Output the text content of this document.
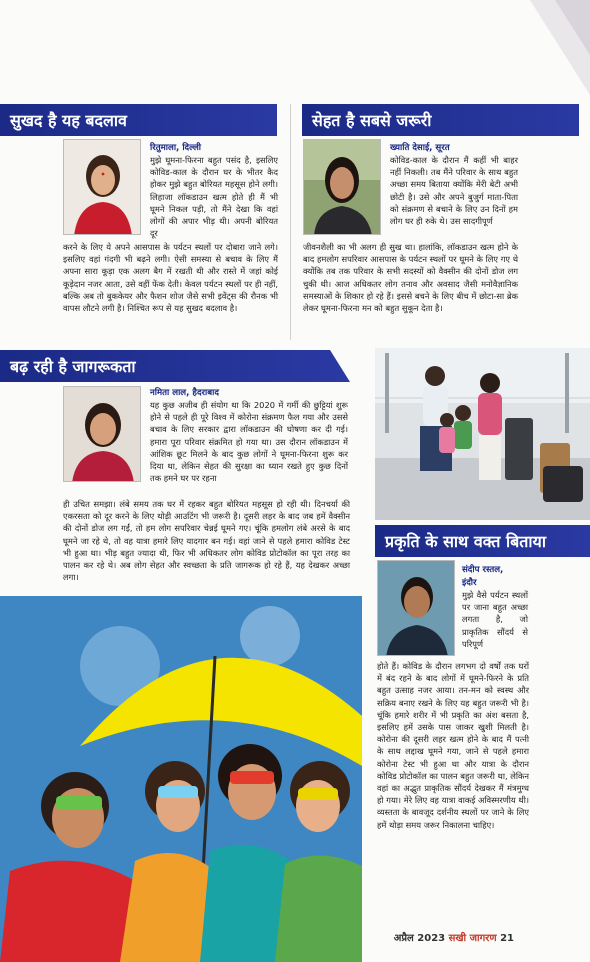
सुखद है यह बदलाव
रितुमाला, दिल्ली
मुझे घूमना-फिरना बहुत पसंद है, इसलिए कोविड-काल के दौरान घर के भीतर कैद होकर मुझे बहुत बोरियत महसूस होने लगी। लिहाजा लॉकडाउन खत्म होते ही मैं भी घूमने निकल पड़ी, तो मैंने देखा कि वहां लोगों की अपार भीड़ थी। अपनी बोरियत दूर
करने के लिए ये अपने आसपास के पर्यटन स्थलों पर दोबारा जाने लगे। इसलिए वहां गंदगी भी बढ़ने लगी। ऐसी समस्या से बचाव के लिए मैं अपना सारा कूड़ा एक अलग बैग में रखती थी और रास्ते में जहां कोई कूड़ेदान नजर आता, उसे वहीं फेंक देती। केवल पर्यटन स्थलों पर ही नहीं, बल्कि अब तो बुककेयर और फैशन शोज जैसे सभी इवेंट्स की रौनक भी वापस लौटने लगी है। निश्चित रूप से यह सुखद बदलाव है।
सेहत है सबसे जरूरी
ख्याति देसाई, सूरत
कोविड-काल के दौरान मैं कहीं भी बाहर नहीं निकली। तब मैंने परिवार के साथ बहुत अच्छा समय बिताया क्योंकि मेरी बेटी अभी छोटी है। उसे और अपने बुजुर्ग माता-पिता को संक्रमण से बचाने के लिए उन दिनों हम लोग घर ही रुके थे। उस सादगीपूर्ण
जीवनशैली का भी अलग ही सुख था। हालांकि, लॉकडाउन खत्म होने के बाद हमलोग सपरिवार आसपास के पर्यटन स्थलों पर घूमने के लिए गए थे क्योंकि तब तक परिवार के सभी सदस्यों को वैक्सीन की दोनों डोज लग चुकी थी। आज अधिकतर लोग तनाव और अवसाद जैसी मनोवैज्ञानिक समस्याओं के शिकार हो रहे हैं। इससे बचने के लिए बीच में छोटा-सा ब्रेक लेकर घूमना-फिरना मन को बहुत सुकून देता है।
बढ़ रही है जागरूकता
नमिता लाल, हैदराबाद
यह कुछ अजीब ही संयोग था कि 2020 में गर्मी की छुट्टियां शुरू होने से पहले ही पूरे विश्व में कोरोना संक्रमण फैल गया और उससे बचाव के लिए सरकार द्वारा लॉकडाउन की घोषणा कर दी गई। हमारा पूरा परिवार संक्रमित हो गया था। उस दौरान लॉकडाउन में आंशिक छूट मिलने के बाद कुछ लोगों ने घूमना-फिरना शुरू कर दिया था, लेकिन सेहत की सुरक्षा का ध्यान रखते हुए कुछ दिनों तक हमने घर पर रहना
ही उचित समझा। लंबे समय तक घर में रहकर बहुत बोरियत महसूस हो रही थी। दिनचर्या की एकरसता को दूर करने के लिए थोड़ी आउटिंग भी जरूरी है। दूसरी लहर के बाद जब हमें वैक्सीन की दोनों डोज लग गईं, तो हम लोग सपरिवार चेन्नई घूमने गए। चूंकि हमलोग लंबे अरसे के बाद घूमने जा रहे थे, तो वह यात्रा हमारे लिए यादगार बन गई। वहां जाने से पहले हमारा कोविड टेस्ट भी हुआ था। भीड़ बहुत ज्यादा थी, फिर भी अधिकतर लोग कोविड प्रोटोकॉल का पूरा तरह का पालन कर रहे थे। अब लोग सेहत और स्वच्छता के प्रति जागरूक हो रहे हैं, यह देखकर अच्छा लगा।
प्रकृति के साथ वक्त बिताया
संदीप रस्तल,
इंदौर
मुझे वैसे पर्यटन स्थलों पर जाना बहुत अच्छा लगता है, जो प्राकृतिक सौंदर्य से परिपूर्ण
होते हैं। कोविड के दौरान लगभग दो वर्षों तक घरों में बंद रहने के बाद लोगों में घूमने-फिरने के प्रति बहुत उत्साह नजर आया। तन-मन को स्वस्थ और सक्रिय बनाए रखने के लिए यह बहुत जरूरी भी है। चूंकि हमारे शरीर में भी प्रकृति का अंश बसता है, इसलिए हमें उसके पास जाकर खुशी मिलती है। कोरोना की दूसरी लहर खत्म होने के बाद मैं पत्नी के साथ लद्दाख घूमने गया, जाने से पहले हमारा कोरोना टेस्ट भी हुआ था और यात्रा के दौरान कोविड प्रोटोकॉल का पालन बहुत जरूरी था, लेकिन वहां का अद्भुत प्राकृतिक सौंदर्य देखकर मैं मंत्रमुग्ध हो गया। मेरे लिए वह यात्रा वाकई अविस्मरणीय थी। व्यस्तता के बावजूद दर्शनीय स्थलों पर जाने के लिए हमें थोड़ा समय जरूर निकालना चाहिए।
अप्रैल 2023 सखी जागरण 21
